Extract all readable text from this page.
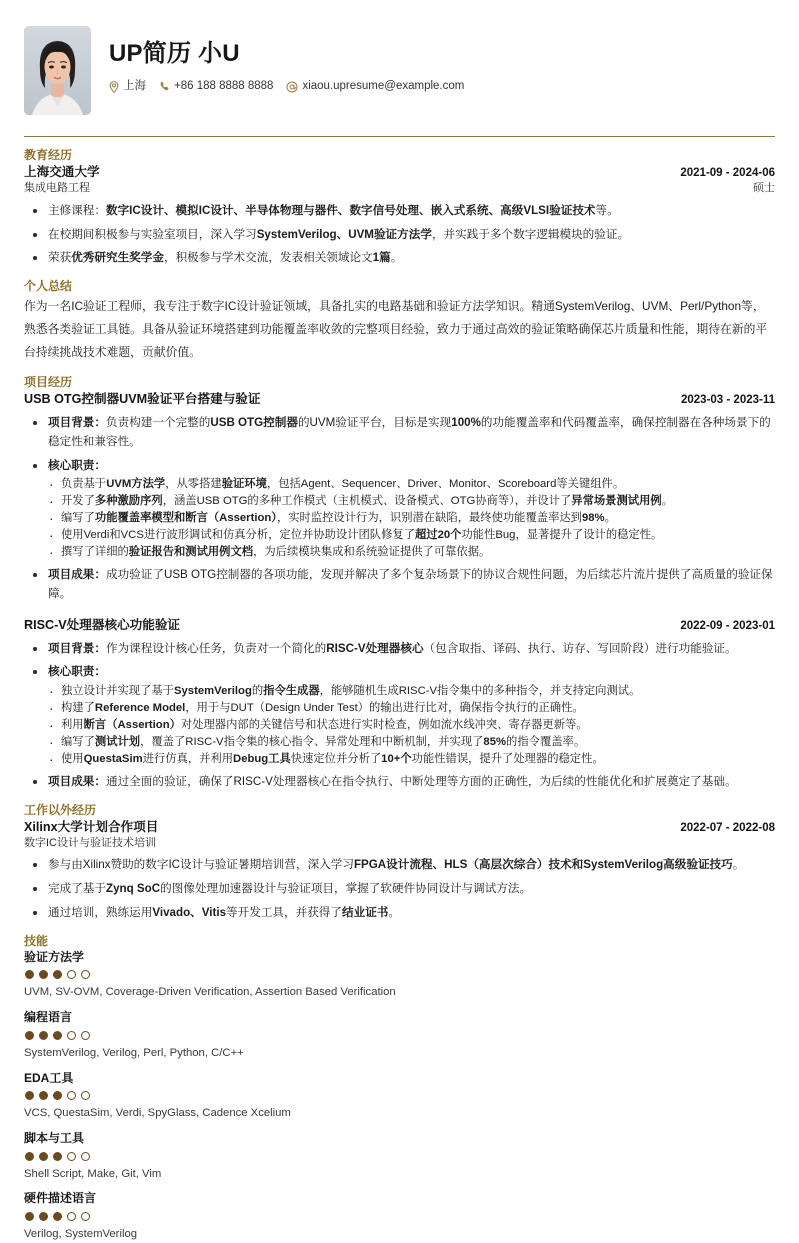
UP简历 小U
上海 +86 188 8888 8888	xiaou.upresume@example.com
教育经历
上海交通大学	2021-09 - 2024-06
集成电路工程	硕士
主修课程：数字IC设计、模拟IC设计、半导体物理与器件、数字信号处理、嵌入式系统、高级VLSI验证技术等。
在校期间积极参与实验室项目，深入学习SystemVerilog、UVM验证方法学，并实践于多个数字逻辑模块的验证。
荣获优秀研究生奖学金，积极参与学术交流，发表相关领域论文1篇。
个人总结
作为一名IC验证工程师，我专注于数字IC设计验证领域，具备扎实的电路基础和验证方法学知识。精通SystemVerilog、UVM、Perl/Python等，熟悉各类验证工具链。具备从验证环境搭建到功能覆盖率收敛的完整项目经验，致力于通过高效的验证策略确保芯片质量和性能，期待在新的平台持续挑战技术难题，贡献价值。
项目经历
USB OTG控制器UVM验证平台搭建与验证	2023-03 - 2023-11
项目背景：负责构建一个完整的USB OTG控制器的UVM验证平台，目标是实现100%的功能覆盖率和代码覆盖率，确保控制器在各种场景下的稳定性和兼容性。
核心职责：
· 负责基于UVM方法学，从零搭建验证环境，包括Agent、Sequencer、Driver、Monitor、Scoreboard等关键组件。
· 开发了多种激励序列，涵盖USB OTG的多种工作模式（主机模式、设备模式、OTG协商等），并设计了异常场景测试用例。
· 编写了功能覆盖率模型和断言（Assertion），实时监控设计行为，识别潜在缺陷，最终使功能覆盖率达到98%。
· 使用Verdi和VCS进行波形调试和仿真分析，定位并协助设计团队修复了超过20个功能性Bug，显著提升了设计的稳定性。
· 撰写了详细的验证报告和测试用例文档，为后续模块集成和系统验证提供了可靠依据。
项目成果：成功验证了USB OTG控制器的各项功能，发现并解决了多个复杂场景下的协议合规性问题，为后续芯片流片提供了高质量的验证保障。
RISC-V处理器核心功能验证	2022-09 - 2023-01
项目背景：作为课程设计核心任务，负责对一个简化的RISC-V处理器核心（包含取指、译码、执行、访存、写回阶段）进行功能验证。
核心职责：
· 独立设计并实现了基于SystemVerilog的指令生成器，能够随机生成RISC-V指令集中的多种指令，并支持定向测试。
· 构建了Reference Model，用于与DUT（Design Under Test）的输出进行比对，确保指令执行的正确性。
· 利用断言（Assertion）对处理器内部的关键信号和状态进行实时检查，例如流水线冲突、寄存器更新等。
· 编写了测试计划，覆盖了RISC-V指令集的核心指令、异常处理和中断机制，并实现了85%的指令覆盖率。
· 使用QuestaSim进行仿真，并利用Debug工具快速定位并分析了10+个功能性错误，提升了处理器的稳定性。
项目成果：通过全面的验证，确保了RISC-V处理器核心在指令执行、中断处理等方面的正确性，为后续的性能优化和扩展奠定了基础。
工作以外经历
Xilinx大学计划合作项目	2022-07 - 2022-08
数字IC设计与验证技术培训
参与由Xilinx赞助的数字IC设计与验证暑期培训营，深入学习FPGA设计流程、HLS（高层次综合）技术和SystemVerilog高级验证技巧。
完成了基于Zynq SoC的图像处理加速器设计与验证项目，掌握了软硬件协同设计与调试方法。
通过培训，熟练运用Vivado、Vitis等开发工具，并获得了结业证书。
技能
验证方法学
UVM, SV-OVM, Coverage-Driven Verification, Assertion Based Verification
编程语言
SystemVerilog, Verilog, Perl, Python, C/C++
EDA工具
VCS, QuestaSim, Verdi, SpyGlass, Cadence Xcelium
脚本与工具
Shell Script, Make, Git, Vim
硬件描述语言
Verilog, SystemVerilog
